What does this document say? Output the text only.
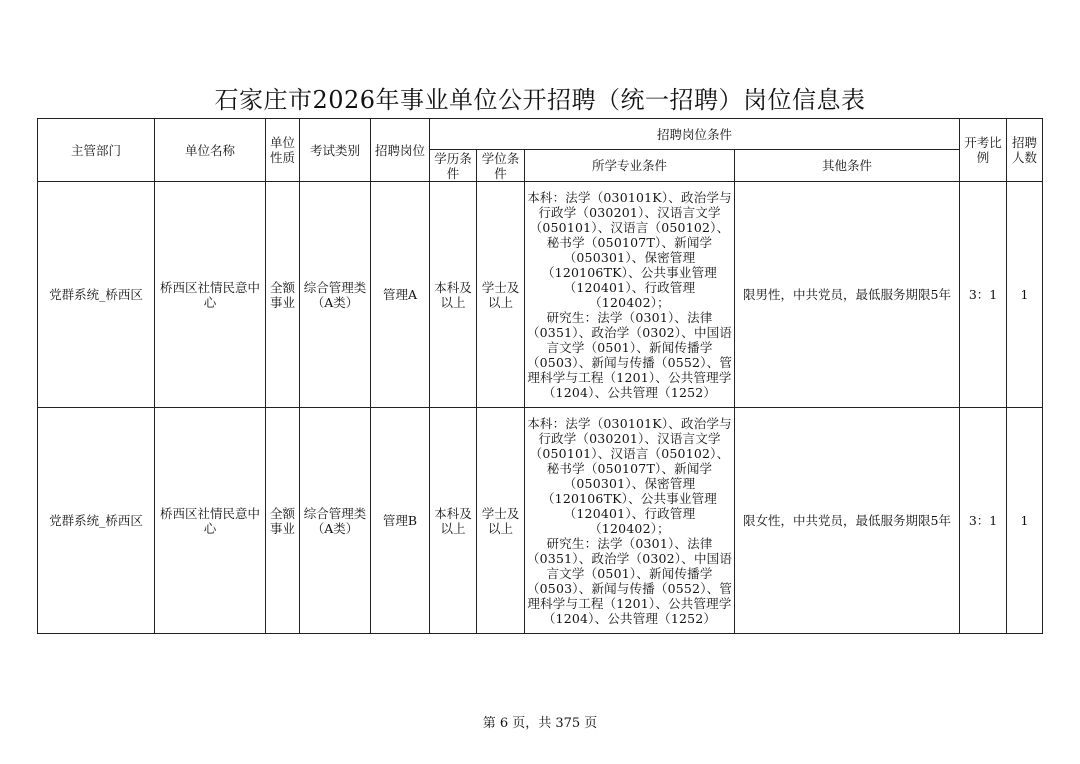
石家庄市2026年事业单位公开招聘（统一招聘）岗位信息表
主管部门	单位名称	单位性质	考试类别	招聘岗位	招聘岗位条件				开考比例	招聘人数
					学历条件	学位条件	所学专业条件	其他条件		
党群系统_桥西区	桥西区社情民意中心	全额事业	综合管理类（A类）	管理A	本科及以上	学士及以上	本科：法学（030101K）、政治学与行政学（030201）、汉语言文学（050101）、汉语言（050102）、秘书学（050107T）、新闻学（050301）、保密管理（120106TK）、公共事业管理（120401）、行政管理（120402）；
研究生：法学（0301）、法律（0351）、政治学（0302）、中国语言文学（0501）、新闻传播学（0503）、新闻与传播（0552）、管理科学与工程（1201）、公共管理学（1204）、公共管理（1252）	限男性，中共党员，最低服务期限5年	3：1	1
党群系统_桥西区	桥西区社情民意中心	全额事业	综合管理类（A类）	管理B	本科及以上	学士及以上	本科：法学（030101K）、政治学与行政学（030201）、汉语言文学（050101）、汉语言（050102）、秘书学（050107T）、新闻学（050301）、保密管理（120106TK）、公共事业管理（120401）、行政管理（120402）；
研究生：法学（0301）、法律（0351）、政治学（0302）、中国语言文学（0501）、新闻传播学（0503）、新闻与传播（0552）、管理科学与工程（1201）、公共管理学（1204）、公共管理（1252）	限女性，中共党员，最低服务期限5年	3：1	1
第 6 页，共 375 页
